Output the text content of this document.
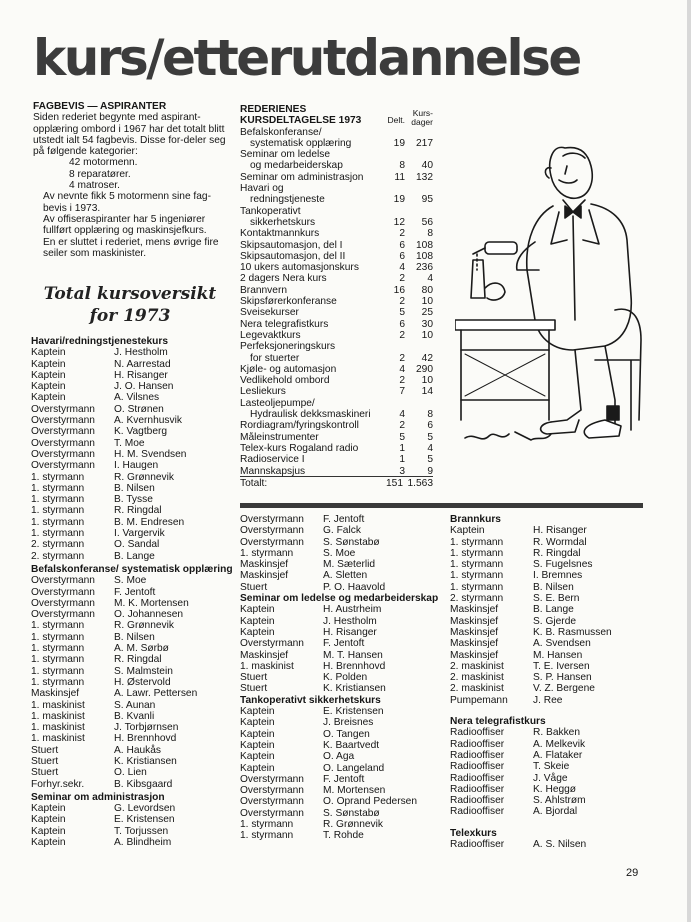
kurs/etterutdannelse
FAGBEVIS — ASPIRANTER

Siden rederiet begynte med aspirant-opplæring ombord i 1967 har det totalt blitt utstedt ialt 54 fagbevis. Disse for-deler seg på følgende kategorier:

42 motormenn.
8 reparatører.
4 matroser.

Av nevnte fikk 5 motormenn sine fag-bevis i 1973.

Av offiseraspiranter har 5 ingeniører fullført opplæring og maskinsjefkurs.

En er sluttet i rederiet, mens øvrige fire seiler som maskinister.

Total kursoversikt
for 1973
Havari/redningstjenestekurs
Kaptein	J. Hestholm
Kaptein	N. Aarrestad
Kaptein	H. Risanger
Kaptein	J. O. Hansen
Kaptein	A. Vilsnes
Overstyrmann	O. Strønen
Overstyrmann	A. Kvernhusvik
Overstyrmann	K. Vagtberg
Overstyrmann	T. Moe
Overstyrmann	H. M. Svendsen
Overstyrmann	I. Haugen
1. styrmann	R. Grønnevik
1. styrmann	B. Nilsen
1. styrmann	B. Tysse
1. styrmann	R. Ringdal
1. styrmann	B. M. Endresen
1. styrmann	I. Vargervik
2. styrmann	O. Sandal
2. styrmann	B. Lange
Befalskonferanse/ systematisk opplæring
Overstyrmann	S. Moe
Overstyrmann	F. Jentoft
Overstyrmann	M. K. Mortensen
Overstyrmann	O. Johannesen
1. styrmann	R. Grønnevik
1. styrmann	B. Nilsen
1. styrmann	A. M. Sørbø
1. styrmann	R. Ringdal
1. styrmann	S. Malmstein
1. styrmann	H. Østervold
Maskinsjef	A. Lawr. Pettersen
1. maskinist	S. Aunan
1. maskinist	B. Kvanli
1. maskinist	J. Torbjørnsen
1. maskinist	H. Brennhovd
Stuert	A. Haukås
Stuert	K. Kristiansen
Stuert	O. Lien
Forhyr.sekr.	B. Kibsgaard
Seminar om administrasjon
Kaptein	G. Levordsen
Kaptein	E. Kristensen
Kaptein	T. Torjussen
Kaptein	A. Blindheim
REDERIENES
KURSDELTAGELSE 1973	Delt.
Kurs-
dager
Befalskonferanse/
systematisk opplæring	19	217
Seminar om ledelse
og medarbeiderskap	8	40
Seminar om administrasjon	11	132
Havari og
redningstjeneste	19	95
Tankoperativt
sikkerhetskurs	12	56
Kontaktmannkurs	2	8
Skipsautomasjon, del I	6	108
Skipsautomasjon, del II	6	108
10 ukers automasjonskurs	4	236
2 dagers Nera kurs	2	4
Brannvern	16	80
Skipsførerkonferanse	2	10
Sveisekurser	5	25
Nera telegrafistkurs	6	30
Legevaktkurs	2	10
Perfeksjoneringskurs
for stuerter	2	42
Kjøle- og automasjon	4	290
Vedlikehold ombord	2	10
Lesliekurs	7	14
Lasteoljepumpe/
Hydraulisk dekksmaskineri	4	8
Rordiagram/fyringskontroll	2	6
Måleinstrumenter	5	5
Telex-kurs Rogaland radio	1	4
Radioservice I	1	5
Mannskapsjus	3	9
Totalt:	151 1.563
Overstyrmann	F. Jentoft
Overstyrmann	G. Falck
Overstyrmann	S. Sønstabø
1. styrmann	S. Moe
Maskinsjef	M. Sæterlid
Maskinsjef	A. Sletten
Stuert	P. O. Haavold
Seminar om ledelse og medarbeiderskap
Kaptein	H. Austrheim
Kaptein	J. Hestholm
Kaptein	H. Risanger
Overstyrmann	F. Jentoft
Maskinsjef	M. T. Hansen
1. maskinist	H. Brennhovd
Stuert	K. Polden
Stuert	K. Kristiansen
Tankoperativt sikkerhetskurs
Kaptein	E. Kristensen
Kaptein	J. Breisnes
Kaptein	O. Tangen
Kaptein	K. Baartvedt
Kaptein	O. Aga
Kaptein	O. Langeland
Overstyrmann	F. Jentoft
Overstyrmann	M. Mortensen
Overstyrmann	O. Oprand Pedersen
Overstyrmann	S. Sønstabø
1. styrmann	R. Grønnevik
1. styrmann	T. Rohde
Brannkurs
Kaptein	H. Risanger
1. styrmann	R. Wormdal
1. styrmann	R. Ringdal
1. styrmann	S. Fugelsnes
1. styrmann	I. Bremnes
1. styrmann	B. Nilsen
2. styrmann	S. E. Bern
Maskinsjef	B. Lange
Maskinsjef	S. Gjerde
Maskinsjef	K. B. Rasmussen
Maskinsjef	A. Svendsen
Maskinsjef	M. Hansen
2. maskinist	T. E. Iversen
2. maskinist	S. P. Hansen
2. maskinist	V. Z. Bergene
Pumpemann	J. Ree
Nera telegrafistkurs
Radiooffiser	R. Bakken
Radiooffiser	A. Melkevik
Radiooffiser	A. Flataker
Radiooffiser	T. Skeie
Radiooffiser	J. Våge
Radiooffiser	K. Heggø
Radiooffiser	S. Ahlstrøm
Radiooffiser	A. Bjordal
Telexkurs
Radiooffiser	A. S. Nilsen
29
